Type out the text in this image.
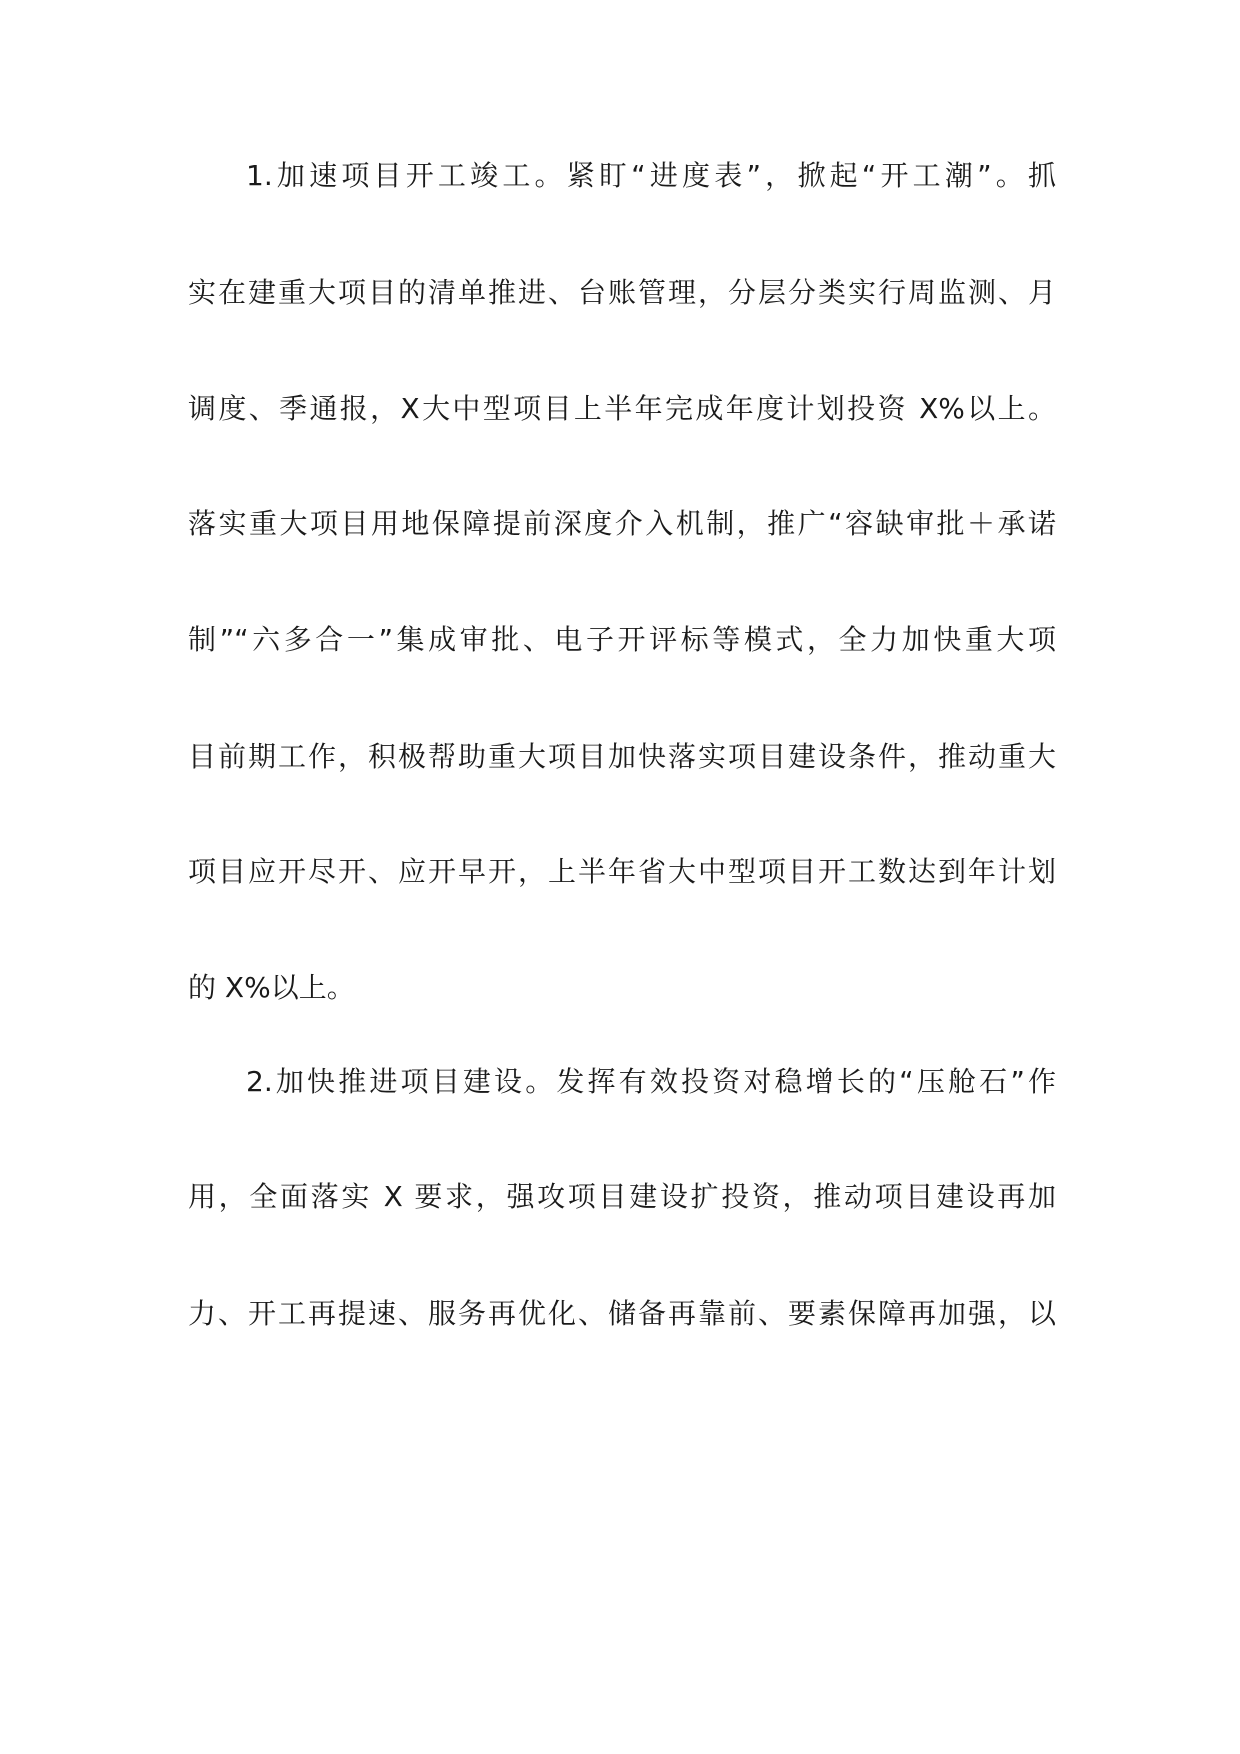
1.加速项目开工竣工。紧盯“进度表”，掀起“开工潮”。抓
实在建重大项目的清单推进、台账管理，分层分类实行周监测、月
调度、季通报，X大中型项目上半年完成年度计划投资 X%以上。
落实重大项目用地保障提前深度介入机制，推广“容缺审批＋承诺
制”“六多合一”集成审批、电子开评标等模式，全力加快重大项
目前期工作，积极帮助重大项目加快落实项目建设条件，推动重大
项目应开尽开、应开早开，上半年省大中型项目开工数达到年计划
的 X%以上。
2.加快推进项目建设。发挥有效投资对稳增长的“压舱石”作
用，全面落实 X 要求，强攻项目建设扩投资，推动项目建设再加
力、开工再提速、服务再优化、储备再靠前、要素保障再加强，以
